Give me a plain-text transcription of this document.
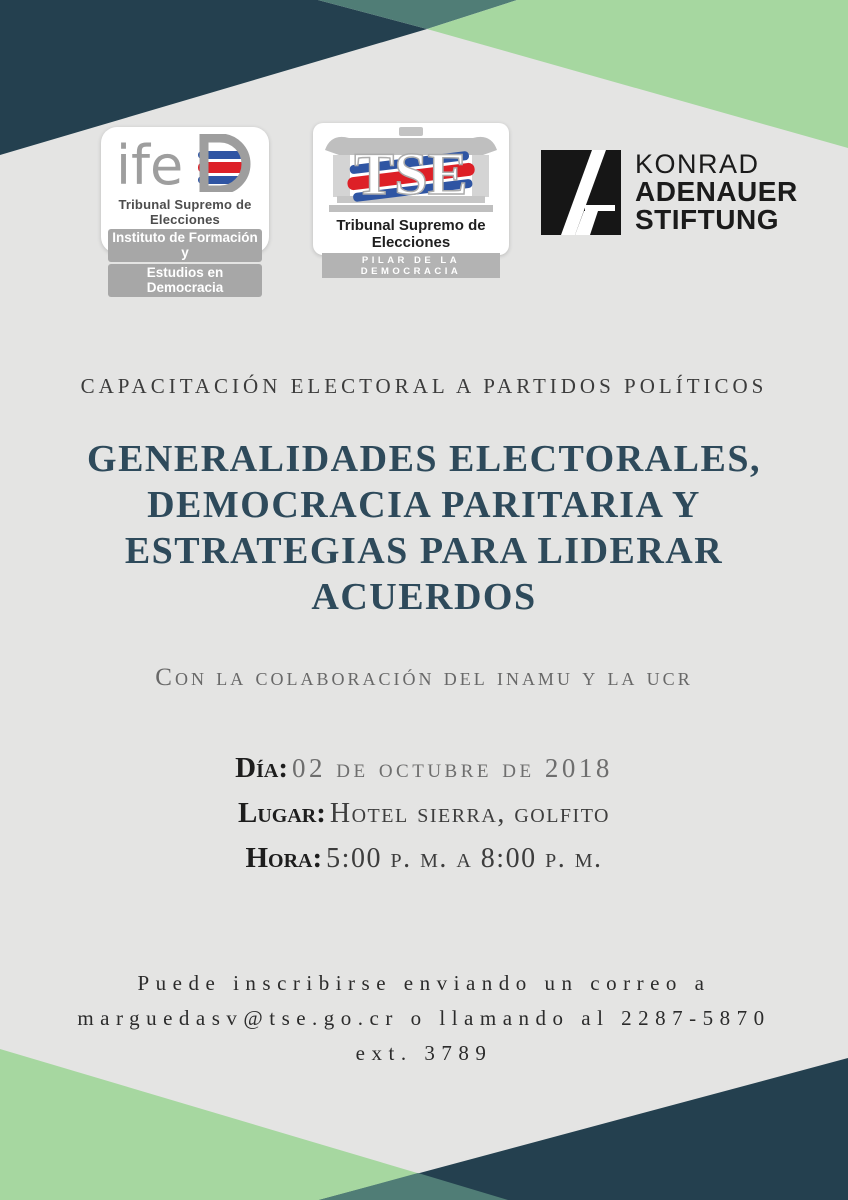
ife
Tribunal Supremo de Elecciones
Instituto de Formación y
Estudios en Democracia
TSE
Tribunal Supremo de Elecciones
PILAR DE LA DEMOCRACIA
KONRAD
ADENAUER
STIFTUNG
CAPACITACIÓN ELECTORAL A PARTIDOS POLÍTICOS
GENERALIDADES ELECTORALES,
DEMOCRACIA PARITARIA Y
ESTRATEGIAS PARA LIDERAR
ACUERDOS
Con la colaboración del inamu y la ucr
Día: 02 de octubre de 2018
Lugar: Hotel sierra, golfito
Hora: 5:00 p. m. a 8:00 p. m.
Puede inscribirse enviando un correo a
marguedasv@tse.go.cr o llamando al 2287-5870
ext. 3789
